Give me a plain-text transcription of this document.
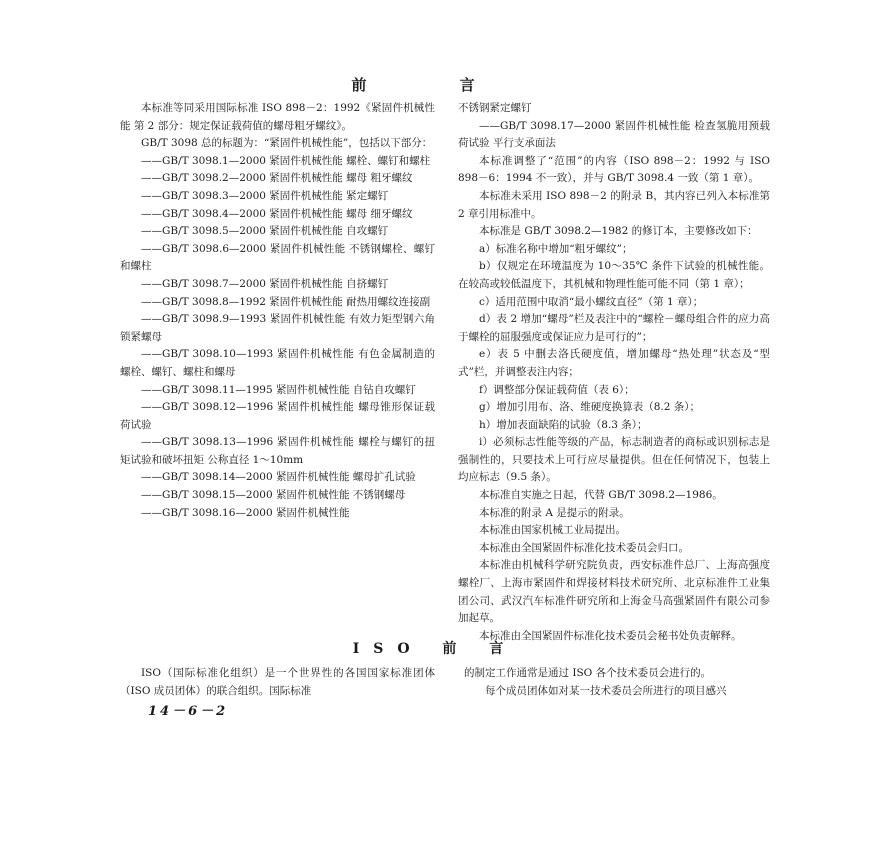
前 言

本标准等同采用国际标准 ISO 898－2：1992《紧固件机械性能 第 2 部分：规定保证载荷值的螺母粗牙螺纹》。

GB/T 3098 总的标题为：“紧固件机械性能”，包括以下部分：

——GB/T 3098.1—2000 紧固件机械性能 螺栓、螺钉和螺柱

——GB/T 3098.2—2000 紧固件机械性能 螺母 粗牙螺纹

——GB/T 3098.3—2000 紧固件机械性能 紧定螺钉

——GB/T 3098.4—2000 紧固件机械性能 螺母 细牙螺纹

——GB/T 3098.5—2000 紧固件机械性能 自攻螺钉

——GB/T 3098.6—2000 紧固件机械性能 不锈钢螺栓、螺钉和螺柱

——GB/T 3098.7—2000 紧固件机械性能 自挤螺钉

——GB/T 3098.8—1992 紧固件机械性能 耐热用螺纹连接副

——GB/T 3098.9—1993 紧固件机械性能 有效力矩型钢六角锁紧螺母

——GB/T 3098.10—1993 紧固件机械性能 有色金属制造的螺栓、螺钉、螺柱和螺母

——GB/T 3098.11—1995 紧固件机械性能 自钻自攻螺钉

——GB/T 3098.12—1996 紧固件机械性能 螺母锥形保证载荷试验

——GB/T 3098.13—1996 紧固件机械性能 螺栓与螺钉的扭矩试验和破坏扭矩 公称直径 1～10mm

——GB/T 3098.14—2000 紧固件机械性能 螺母扩孔试验

——GB/T 3098.15—2000 紧固件机械性能 不锈钢螺母

——GB/T 3098.16—2000 紧固件机械性能

不锈钢紧定螺钉

——GB/T 3098.17—2000 紧固件机械性能 检查氢脆用预载荷试验 平行支承面法

本标准调整了“范围”的内容（ISO 898－2：1992 与 ISO 898－6：1994 不一致），并与 GB/T 3098.4 一致（第 1 章）。

本标准未采用 ISO 898－2 的附录 B，其内容已列入本标准第 2 章引用标准中。

本标准是 GB/T 3098.2—1982 的修订本，主要修改如下：

a）标准名称中增加“粗牙螺纹”；

b）仅规定在环境温度为 10～35℃ 条件下试验的机械性能。在较高或较低温度下，其机械和物理性能可能不同（第 1 章）；

c）适用范围中取消“最小螺纹直径”（第 1 章）；

d）表 2 增加“螺母”栏及表注中的“螺栓－螺母组合件的应力高于螺栓的屈服强度或保证应力是可行的”；

e）表 5 中删去洛氏硬度值，增加螺母“热处理”状态及“型式”栏，并调整表注内容；

f）调整部分保证载荷值（表 6）；

g）增加引用布、洛、维硬度换算表（8.2 条）；

h）增加表面缺陷的试验（8.3 条）；

i）必须标志性能等级的产品，标志制造者的商标或识别标志是强制性的，只要技术上可行应尽量提供。但在任何情况下，包装上均应标志（9.5 条）。

本标准自实施之日起，代替 GB/T 3098.2—1986。

本标准的附录 A 是提示的附录。

本标准由国家机械工业局提出。

本标准由全国紧固件标准化技术委员会归口。

本标准由机械科学研究院负责，西安标准件总厂、上海高强度螺栓厂、上海市紧固件和焊接材料技术研究所、北京标准件工业集团公司、武汉汽车标准件研究所和上海金马高强紧固件有限公司参加起草。

本标准由全国紧固件标准化技术委员会秘书处负责解释。

ISO 前 言

ISO（国际标准化组织）是一个世界性的各国国家标准团体（ISO 成员团体）的联合组织。国际标准

的制定工作通常是通过 ISO 各个技术委员会进行的。

每个成员团体如对某一技术委员会所进行的项目感兴

14－6－2
